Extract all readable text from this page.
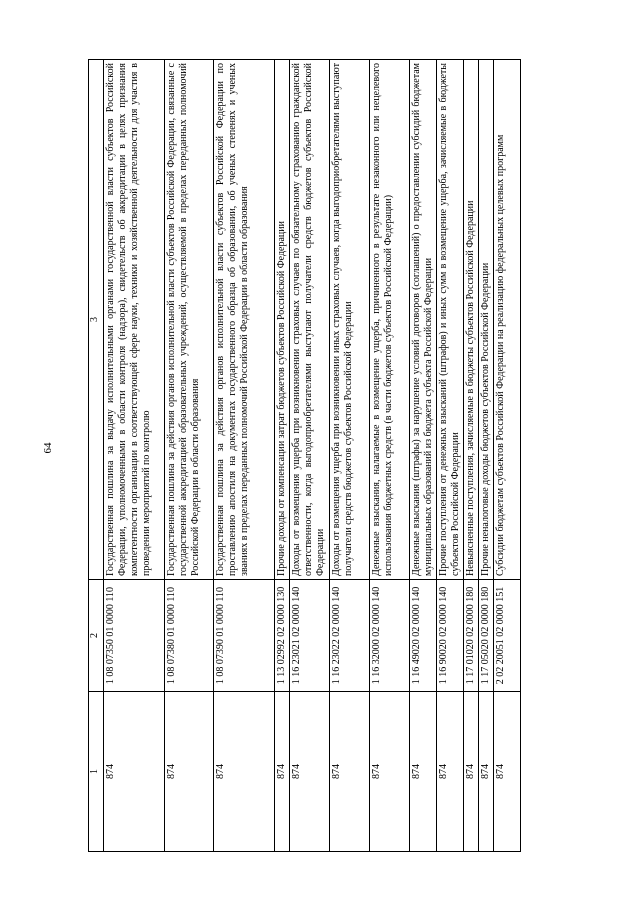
64
1	2	3
874	1 08 07350 01 0000 110	Государственная пошлина за выдачу исполнительными органами государственной власти субъектов Российской Федерации, уполномоченными в области контроля (надзора), свидетельств об аккредитации в целях признания компетентности организации в соответствующей сфере науки, техники и хозяйственной деятельности для участия в проведении мероприятий по контролю
874	1 08 07380 01 0000 110	Государственная пошлина за действия органов исполнительной власти субъектов Российской Федерации, связанные с государственной аккредитацией образовательных учреждений, осуществляемой в пределах переданных полномочий Российской Федерации в области образования
874	1 08 07390 01 0000 110	Государственная пошлина за действия органов исполнительной власти субъектов Российской Федерации по проставлению апостиля на документах государственного образца об образовании, об ученых степенях и ученых званиях в пределах переданных полномочий Российской Федерации в области образования
874	1 13 02992 02 0000 130	Прочие доходы от компенсации затрат бюджетов субъектов Российской Федерации
874	1 16 23021 02 0000 140	Доходы от возмещения ущерба при возникновении страховых случаев по обязательному страхованию гражданской ответственности, когда выгодоприобретателями выступают получатели средств бюджетов субъектов Российской Федерации
874	1 16 23022 02 0000 140	Доходы от возмещения ущерба при возникновении иных страховых случаев, когда выгодоприобретателями выступают получатели средств бюджетов субъектов Российской Федерации
874	1 16 32000 02 0000 140	Денежные взыскания, налагаемые в возмещение ущерба, причиненного в результате незаконного или нецелевого использования бюджетных средств (в части бюджетов субъектов Российской Федерации)
874	1 16 49020 02 0000 140	Денежные взыскания (штрафы) за нарушение условий договоров (соглашений) о предоставлении субсидий бюджетам муниципальных образований из бюджета субъекта Российской Федерации
874	1 16 90020 02 0000 140	Прочие поступления от денежных взысканий (штрафов) и иных сумм в возмещение ущерба, зачисляемые в бюджеты субъектов Российской Федерации
874	1 17 01020 02 0000 180	Невыясненные поступления, зачисляемые в бюджеты субъектов Российской Федерации
874	1 17 05020 02 0000 180	Прочие неналоговые доходы бюджетов субъектов Российской Федерации
874	2 02 20051 02 0000 151	Субсидии бюджетам субъектов Российской Федерации на реализацию федеральных целевых программ
